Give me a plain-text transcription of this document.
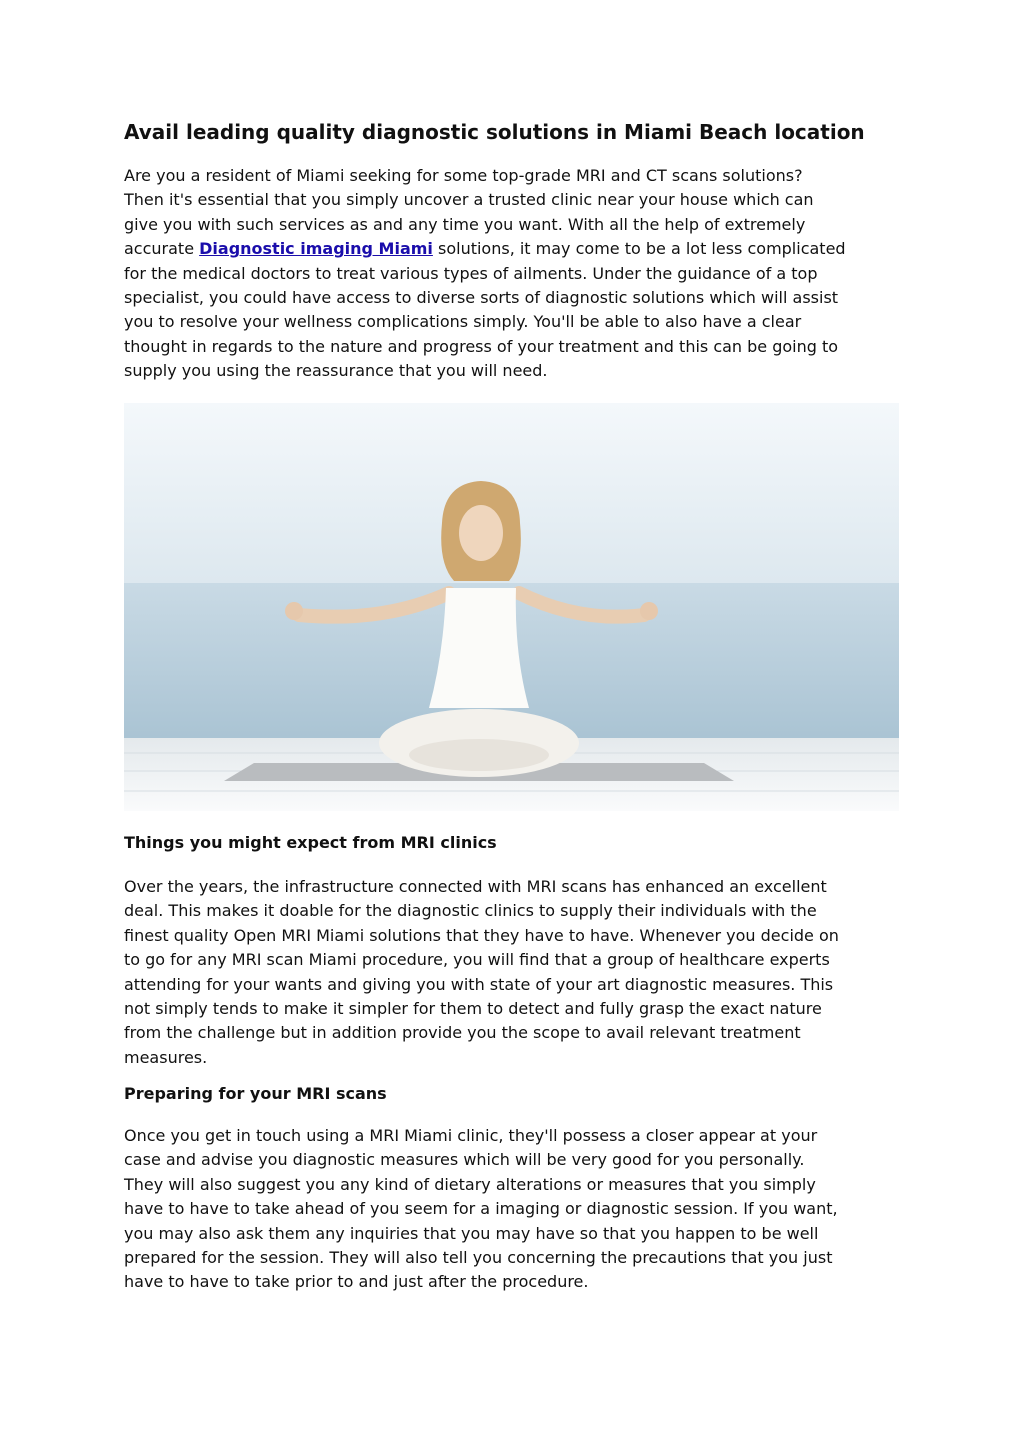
Avail leading quality diagnostic solutions in Miami Beach location

Are you a resident of Miami seeking for some top-grade MRI and CT scans solutions?
Then it's essential that you simply uncover a trusted clinic near your house which can
give you with such services as and any time you want. With all the help of extremely
accurate Diagnostic imaging Miami solutions, it may come to be a lot less complicated
for the medical doctors to treat various types of ailments. Under the guidance of a top
specialist, you could have access to diverse sorts of diagnostic solutions which will assist
you to resolve your wellness complications simply. You'll be able to also have a clear
thought in regards to the nature and progress of your treatment and this can be going to
supply you using the reassurance that you will need.

Things you might expect from MRI clinics

Over the years, the infrastructure connected with MRI scans has enhanced an excellent
deal. This makes it doable for the diagnostic clinics to supply their individuals with the
finest quality Open MRI Miami solutions that they have to have. Whenever you decide on
to go for any MRI scan Miami procedure, you will find that a group of healthcare experts
attending for your wants and giving you with state of your art diagnostic measures. This
not simply tends to make it simpler for them to detect and fully grasp the exact nature
from the challenge but in addition provide you the scope to avail relevant treatment
measures.

Preparing for your MRI scans

Once you get in touch using a MRI Miami clinic, they'll possess a closer appear at your
case and advise you diagnostic measures which will be very good for you personally.
They will also suggest you any kind of dietary alterations or measures that you simply
have to have to take ahead of you seem for a imaging or diagnostic session. If you want,
you may also ask them any inquiries that you may have so that you happen to be well
prepared for the session. They will also tell you concerning the precautions that you just
have to have to take prior to and just after the procedure.
